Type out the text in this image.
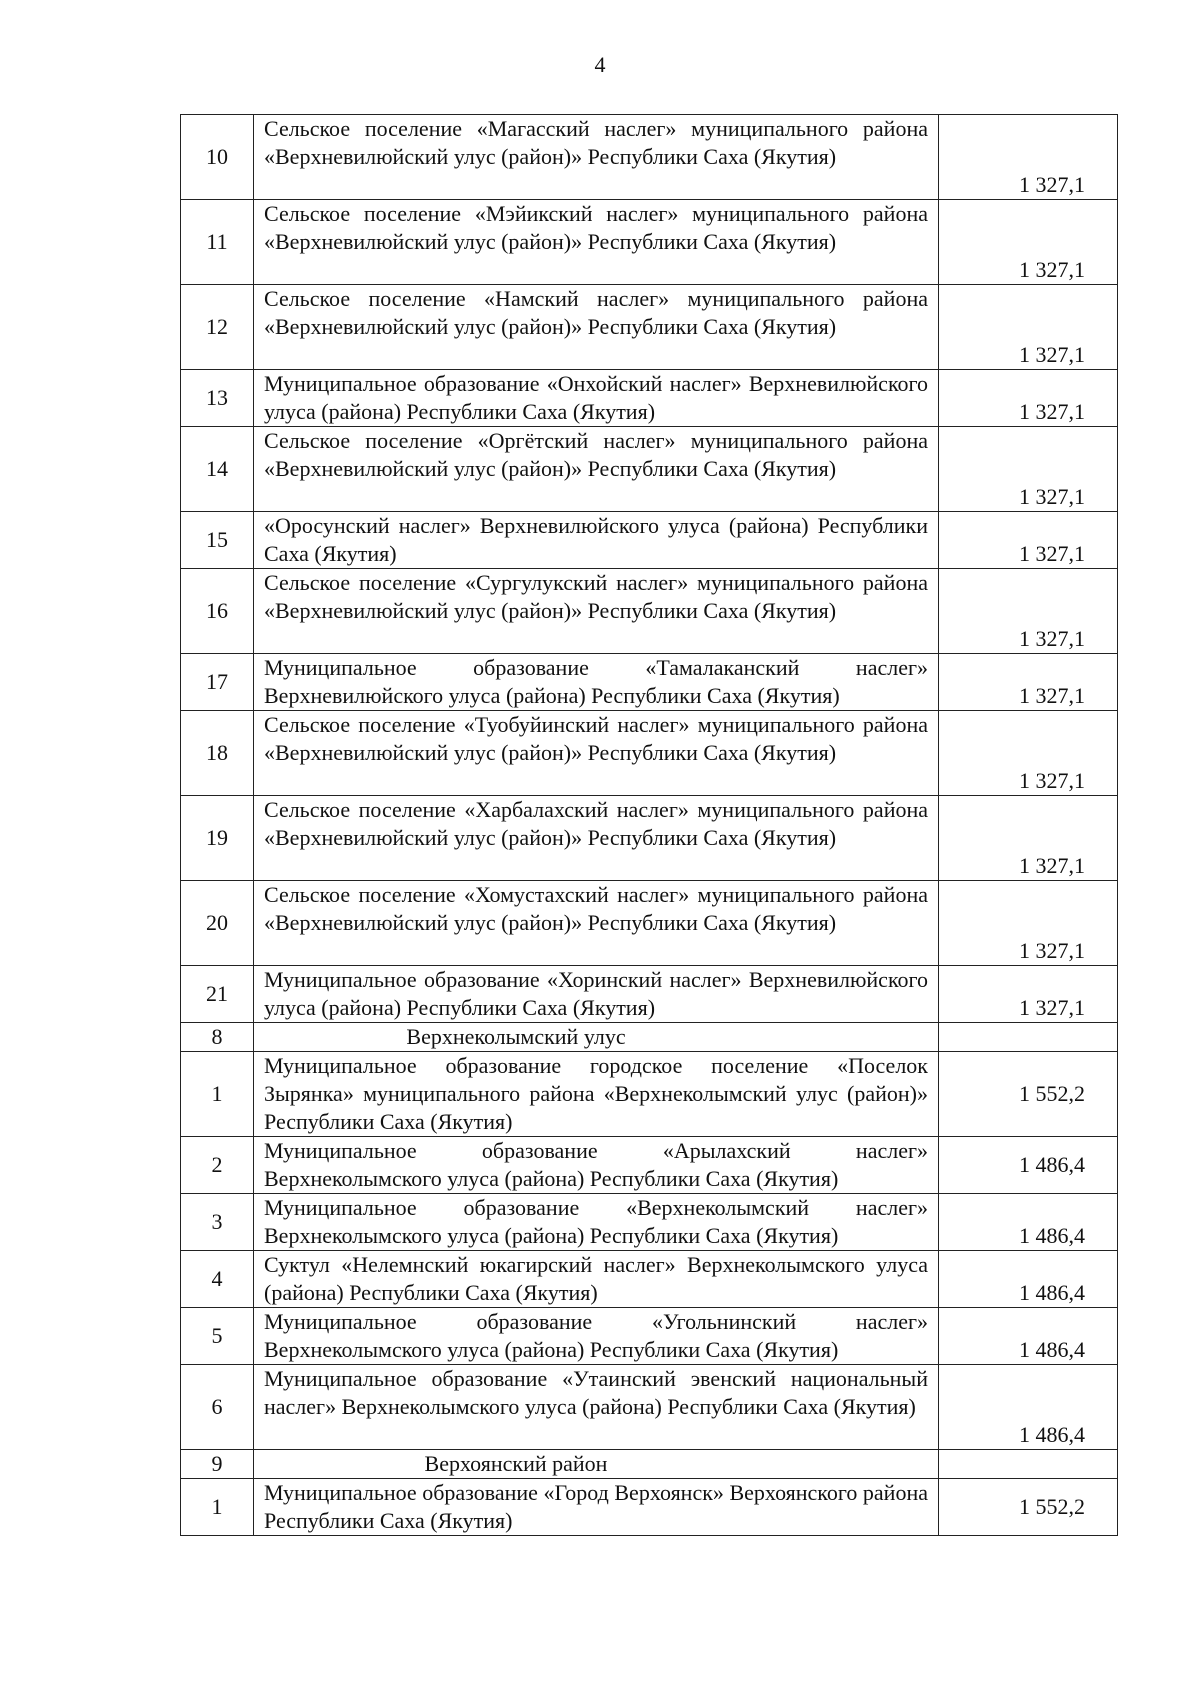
4
10	Сельское поселение «Магасский наслег» муниципального района «Верхневилюйский улус (район)» Республики Саха (Якутия)	1 327,1
11	Сельское поселение «Мэйикский наслег» муниципального района «Верхневилюйский улус (район)» Республики Саха (Якутия)	1 327,1
12	Сельское поселение «Намский наслег» муниципального района «Верхневилюйский улус (район)» Республики Саха (Якутия)	1 327,1
13	Муниципальное образование «Онхойский наслег» Верхневилюйского улуса (района) Республики Саха (Якутия)	1 327,1
14	Сельское поселение «Оргётский наслег» муниципального района «Верхневилюйский улус (район)» Республики Саха (Якутия)	1 327,1
15	«Оросунский наслег» Верхневилюйского улуса (района) Республики Саха (Якутия)	1 327,1
16	Сельское поселение «Сургулукский наслег» муниципального района «Верхневилюйский улус (район)» Республики Саха (Якутия)	1 327,1
17	Муниципальное образование «Тамалаканский наслег» Верхневилюйского улуса (района) Республики Саха (Якутия)	1 327,1
18	Сельское поселение «Туобуйинский наслег» муниципального района «Верхневилюйский улус (район)» Республики Саха (Якутия)	1 327,1
19	Сельское поселение «Харбалахский наслег» муниципального района «Верхневилюйский улус (район)» Республики Саха (Якутия)	1 327,1
20	Сельское поселение «Хомустахский наслег» муниципального района «Верхневилюйский улус (район)» Республики Саха (Якутия)	1 327,1
21	Муниципальное образование «Хоринский наслег» Верхневилюйского улуса (района) Республики Саха (Якутия)	1 327,1
8	Верхнеколымский улус	
1	Муниципальное образование городское поселение «Поселок Зырянка» муниципального района «Верхнеколымский улус (район)» Республики Саха (Якутия)	1 552,2
2	Муниципальное образование «Арылахский наслег» Верхнеколымского улуса (района) Республики Саха (Якутия)	1 486,4
3	Муниципальное образование «Верхнеколымский наслег» Верхнеколымского улуса (района) Республики Саха (Якутия)	1 486,4
4	Суктул «Нелемнский юкагирский наслег» Верхнеколымского улуса (района) Республики Саха (Якутия)	1 486,4
5	Муниципальное образование «Угольнинский наслег» Верхнеколымского улуса (района) Республики Саха (Якутия)	1 486,4
6	Муниципальное образование «Утаинский эвенский национальный наслег» Верхнеколымского улуса (района) Республики Саха (Якутия)	1 486,4
9	Верхоянский район	
1	Муниципальное образование «Город Верхоянск» Верхоянского района Республики Саха (Якутия)	1 552,2
